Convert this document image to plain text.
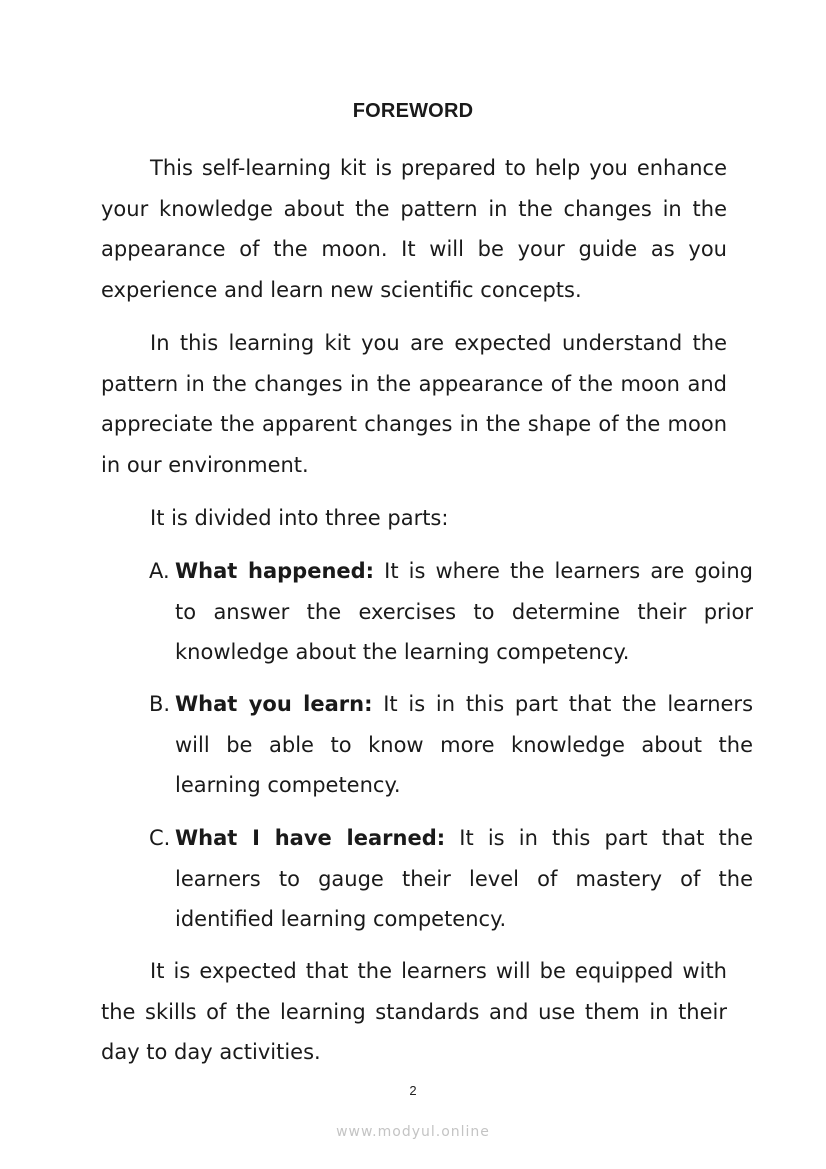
FOREWORD

This self-learning kit is prepared to help you enhance your knowledge about the pattern in the changes in the appearance of the moon. It will be your guide as you experience and learn new scientific concepts.

In this learning kit you are expected understand the pattern in the changes in the appearance of the moon and appreciate the apparent changes in the shape of the moon in our environment.

It is divided into three parts:

A. What happened: It is where the learners are going to answer the exercises to determine their prior knowledge about the learning competency.

B. What you learn: It is in this part that the learners will be able to know more knowledge about the learning competency.

C. What I have learned: It is in this part that the learners to gauge their level of mastery of the identified learning competency.

It is expected that the learners will be equipped with the skills of the learning standards and use them in their day to day activities.

2
www.modyul.online
